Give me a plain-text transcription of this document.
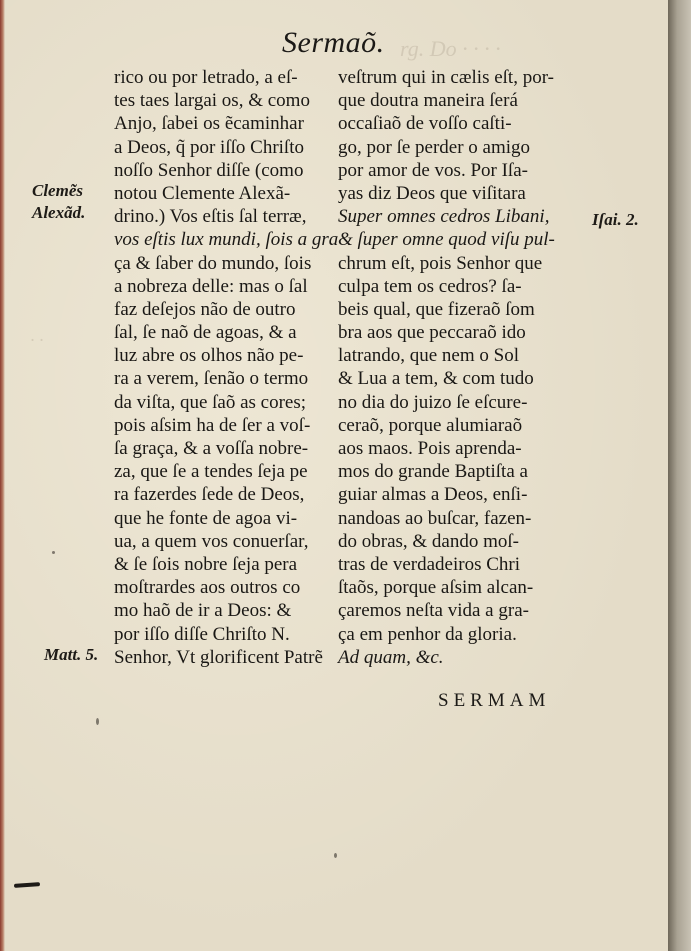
rg. Do · · · ·
· ·
Sermaõ.
rico ou por letrado, a eſ-
tes taes largai os, & como
Anjo, ſabei os ẽcaminhar
a Deos, q̃ por iſſo Chriſto
noſſo Senhor diſſe (como
notou Clemente Alexã-
drino.) Vos eſtis ſal terræ,
vos eſtis lux mundi, ſois a gra
ça & ſaber do mundo, ſois
a nobreza delle: mas o ſal
faz deſejos não de outro
ſal, ſe naõ de agoas, & a
luz abre os olhos não pe-
ra a verem, ſenão o termo
da viſta, que ſaõ as cores;
pois aſsim ha de ſer a voſ-
ſa graça, & a voſſa nobre-
za, que ſe a tendes ſeja pe
ra fazerdes ſede de Deos,
que he fonte de agoa vi-
ua, a quem vos conuerſar,
& ſe ſois nobre ſeja pera
moſtrardes aos outros co
mo haõ de ir a Deos: &
por iſſo diſſe Chriſto N.
Senhor, Vt glorificent Patrẽ
veſtrum qui in cælis eſt, por-
que doutra maneira ſerá
occaſiaõ de voſſo caſti-
go, por ſe perder o amigo
por amor de vos. Por Iſa-
yas diz Deos que viſitara
Super omnes cedros Libani,
& ſuper omne quod viſu pul-
chrum eſt, pois Senhor que
culpa tem os cedros? ſa-
beis qual, que fizeraõ ſom
bra aos que peccaraõ ido
latrando, que nem o Sol
& Lua a tem, & com tudo
no dia do juizo ſe eſcure-
ceraõ, porque alumiaraõ
aos maos. Pois aprenda-
mos do grande Baptiſta a
guiar almas a Deos, enſi-
nandoas ao buſcar, fazen-
do obras, & dando moſ-
tras de verdadeiros Chri
ſtaõs, porque aſsim alcan-
çaremos neſta vida a gra-
ça em penhor da gloria.
Ad quam, &c.
Clemẽs
Alexãd.	Iſai. 2.
Matt. 5.
SERMAM
